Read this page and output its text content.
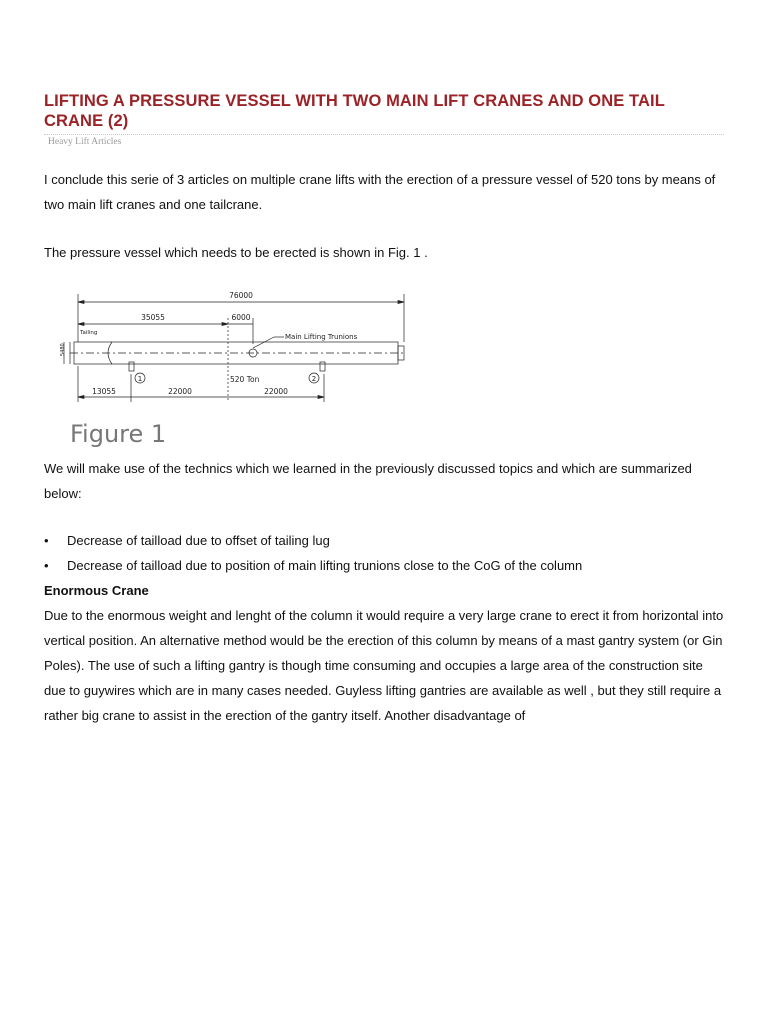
LIFTING A PRESSURE VESSEL WITH TWO MAIN LIFT CRANES AND ONE TAIL CRANE (2)
Heavy Lift Articles

I conclude this serie of 3 articles on multiple crane lifts with the erection of a pressure vessel of 520 tons by means of two main lift cranes and one tailcrane.

The pressure vessel which needs to be erected is shown in Fig. 1 .

76000
35055	6000
Tailing	Main Lifting Trunions
5480
1	2
520 Ton
13055	22000	22000
Figure 1

We will make use of the technics which we learned in the previously discussed topics and which are summarized below:

• Decrease of tailload due to offset of tailing lug
• Decrease of tailload due to position of main lifting trunions close to the CoG of the column
Enormous Crane

Due to the enormous weight and lenght of the column it would require a very large crane to erect it from horizontal into vertical position. An alternative method would be the erection of this column by means of a mast gantry system (or Gin Poles). The use of such a lifting gantry is though time consuming and occupies a large area of the construction site due to guywires which are in many cases needed. Guyless lifting gantries are available as well , but they still require a rather big crane to assist in the erection of the gantry itself. Another disadvantage of
